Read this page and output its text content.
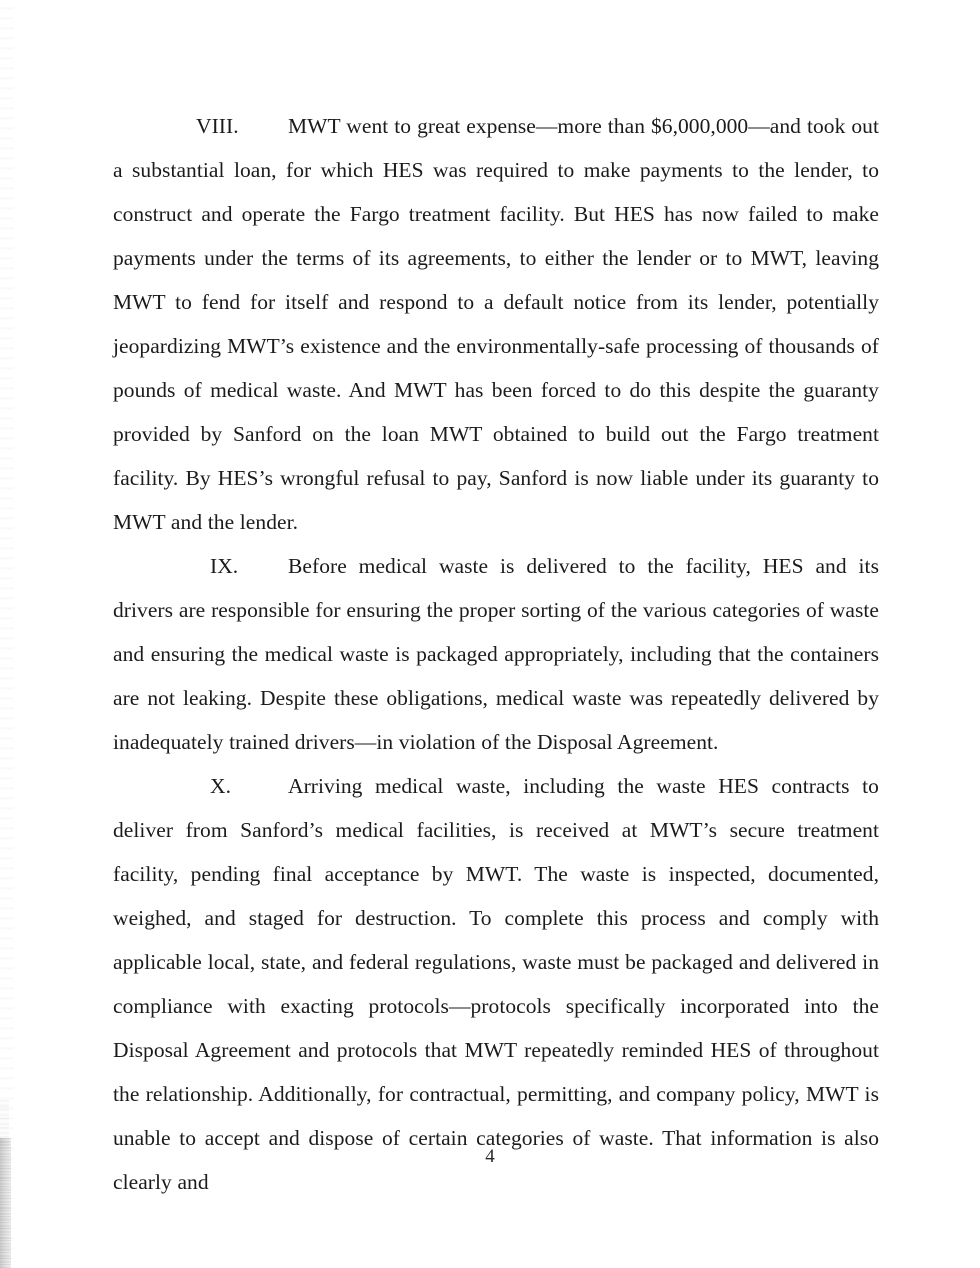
VIII. MWT went to great expense—more than $6,000,000—and took out a substantial loan, for which HES was required to make payments to the lender, to construct and operate the Fargo treatment facility. But HES has now failed to make payments under the terms of its agreements, to either the lender or to MWT, leaving MWT to fend for itself and respond to a default notice from its lender, potentially jeopardizing MWT’s existence and the environmentally-safe processing of thousands of pounds of medical waste. And MWT has been forced to do this despite the guaranty provided by Sanford on the loan MWT obtained to build out the Fargo treatment facility. By HES’s wrongful refusal to pay, Sanford is now liable under its guaranty to MWT and the lender.

IX. Before medical waste is delivered to the facility, HES and its drivers are responsible for ensuring the proper sorting of the various categories of waste and ensuring the medical waste is packaged appropriately, including that the containers are not leaking. Despite these obligations, medical waste was repeatedly delivered by inadequately trained drivers—in violation of the Disposal Agreement.

X.	Arriving medical waste, including the waste HES contracts to deliver from Sanford’s medical facilities, is received at MWT’s secure treatment facility, pending final acceptance by MWT. The waste is inspected, documented, weighed, and staged for destruction. To complete this process and comply with applicable local, state, and federal regulations, waste must be packaged and delivered in compliance with exacting protocols—protocols specifically incorporated into the Disposal Agreement and protocols that MWT repeatedly reminded HES of throughout the relationship. Additionally, for contractual, permitting, and company policy, MWT is unable to accept and dispose of certain categories of waste. That information is also clearly and

4
